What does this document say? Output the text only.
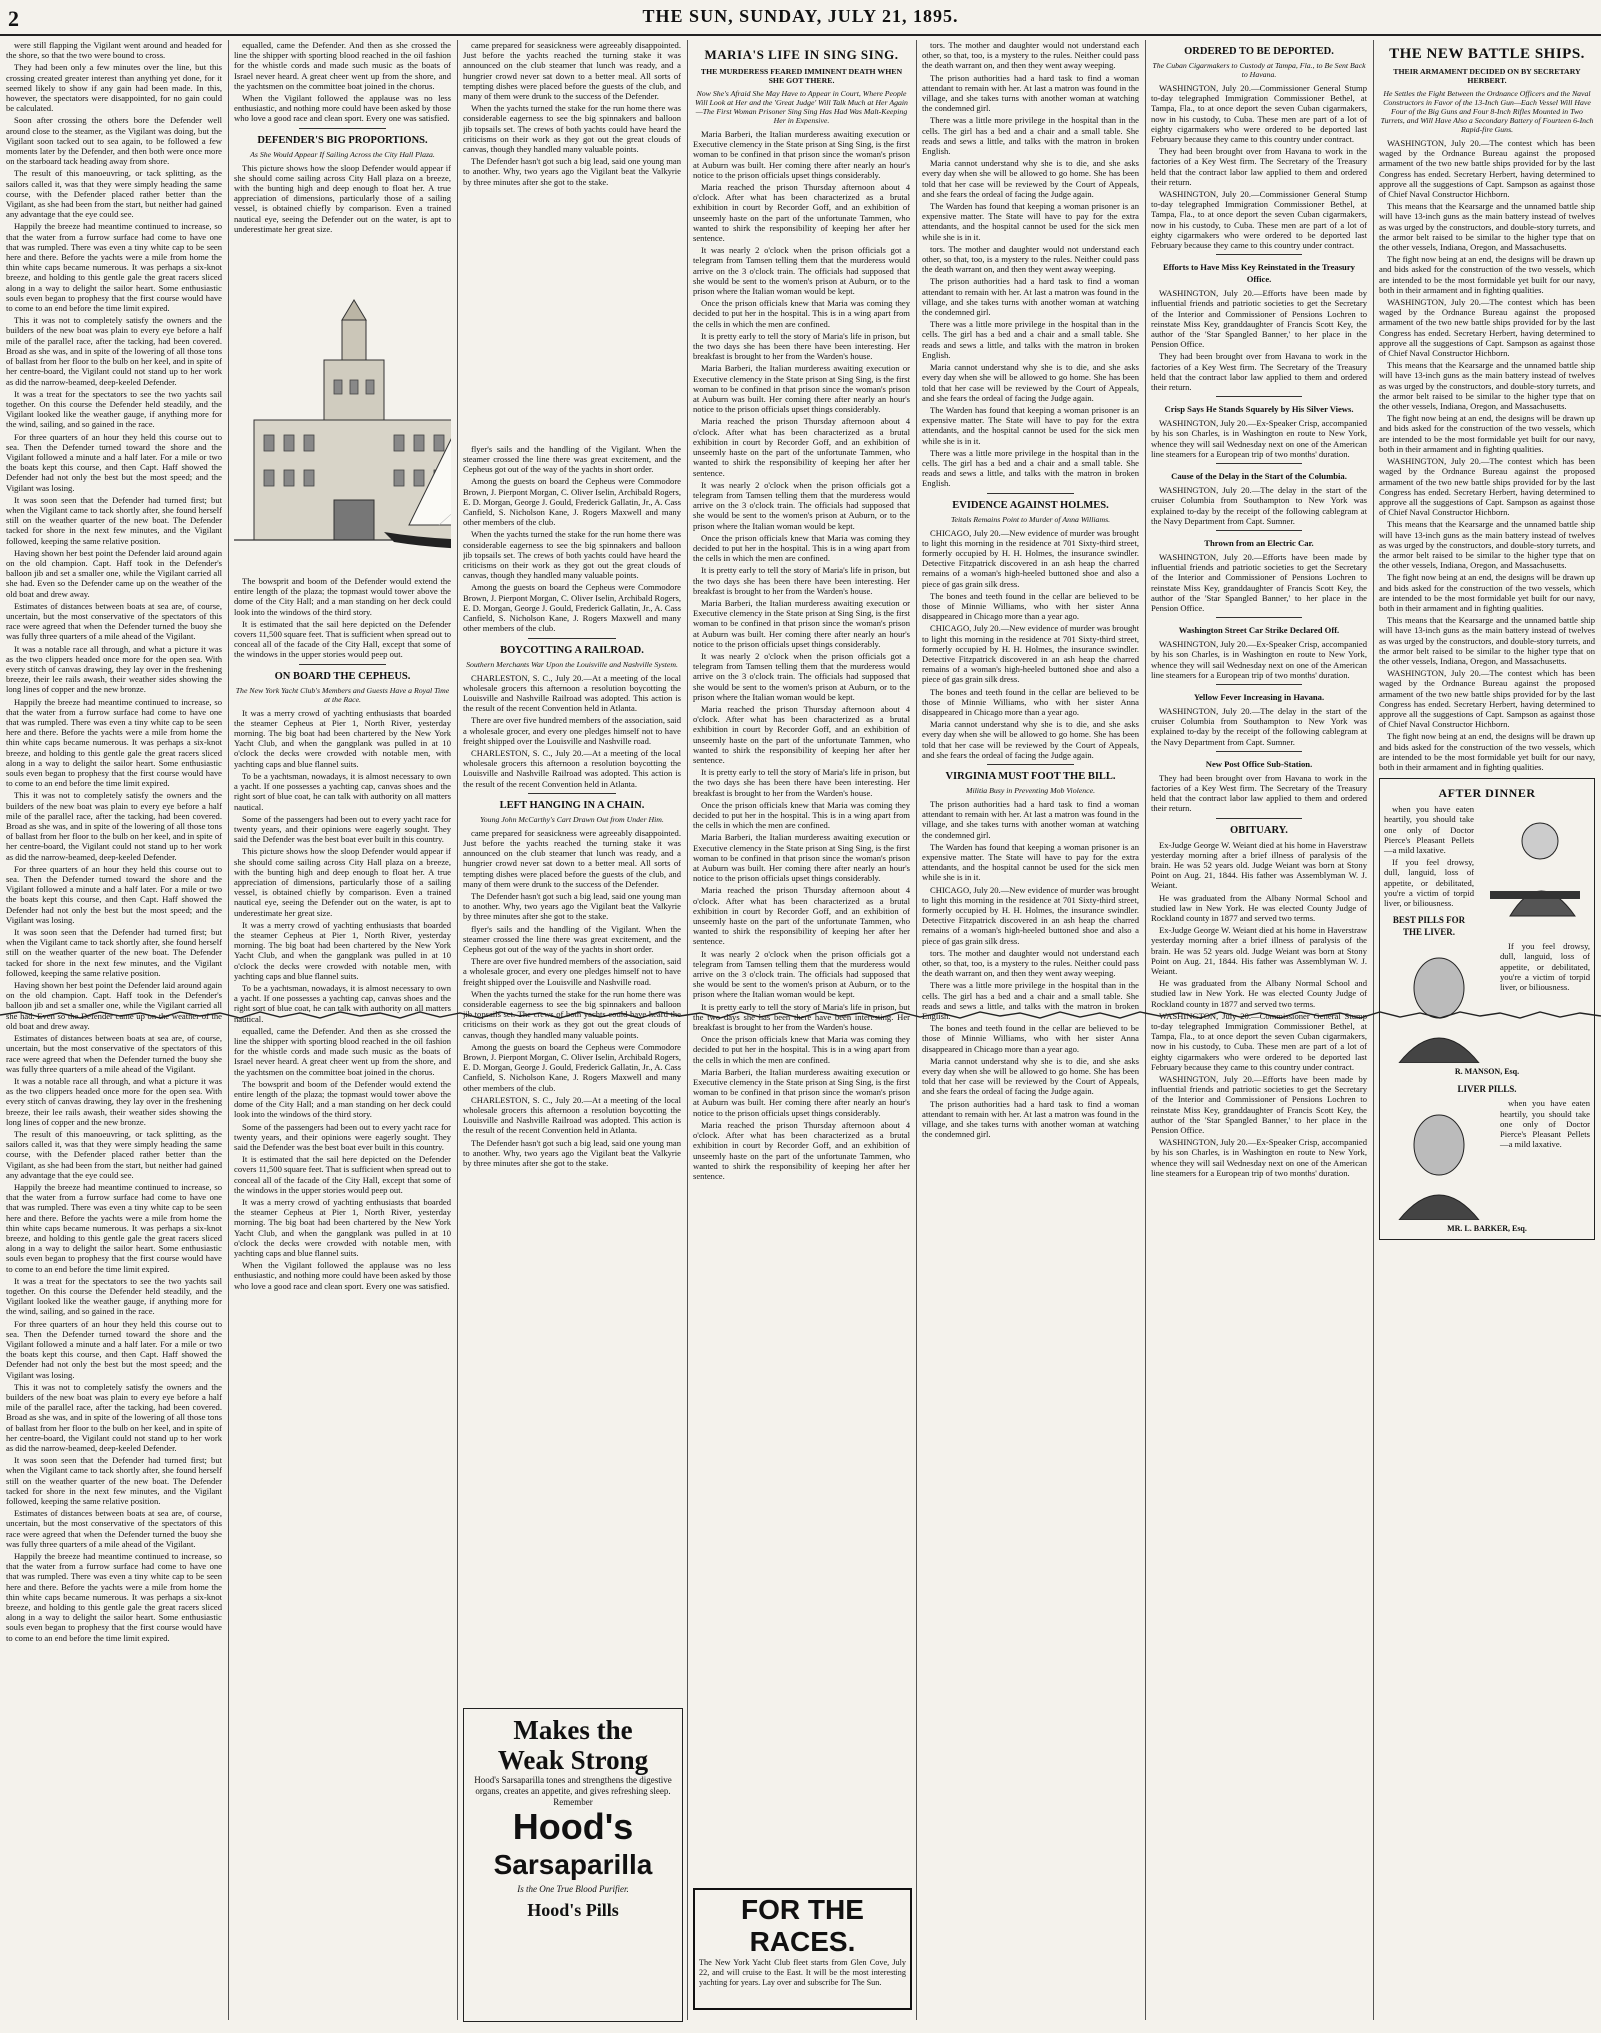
2	THE SUN, SUNDAY, JULY 21, 1895.

were still flapping the Vigilant went around and headed for the shore, so that the two were bound to cross.

They had been only a few minutes over the line, but this crossing created greater interest than anything yet done, for it seemed likely to show if any gain had been made. In this, however, the spectators were disappointed, for no gain could be calculated.

Soon after crossing the others bore the Defender well around close to the steamer, as the Vigilant was doing, but the Vigilant soon tacked out to sea again, to be followed a few moments later by the Defender, and then both were once more on the starboard tack heading away from shore.

The result of this manoeuvring, or tack splitting, as the sailors called it, was that they were simply heading the same course, with the Defender placed rather better than the Vigilant, as she had been from the start, but neither had gained any advantage that the eye could see.

Happily the breeze had meantime continued to increase, so that the water from a furrow surface had come to have one that was rumpled. There was even a tiny white cap to be seen here and there. Before the yachts were a mile from home the thin white caps became numerous. It was perhaps a six-knot breeze, and holding to this gentle gale the great racers sliced along in a way to delight the sailor heart. Some enthusiastic souls even began to prophesy that the first course would have to come to an end before the time limit expired.

This it was not to completely satisfy the owners and the builders of the new boat was plain to every eye before a half mile of the parallel race, after the tacking, had been covered. Broad as she was, and in spite of the lowering of all those tons of ballast from her floor to the bulb on her keel, and in spite of her centre-board, the Vigilant could not stand up to her work as did the narrow-beamed, deep-keeled Defender.

It was a treat for the spectators to see the two yachts sail together. On this course the Defender held steadily, and the Vigilant looked like the weather gauge, if anything more for the wind, sailing, and so gained in the race.

For three quarters of an hour they held this course out to sea. Then the Defender turned toward the shore and the Vigilant followed a minute and a half later. For a mile or two the boats kept this course, and then Capt. Haff showed the Defender had not only the best but the most speed; and the Vigilant was losing.

It was soon seen that the Defender had turned first; but when the Vigilant came to tack shortly after, she found herself still on the weather quarter of the new boat. The Defender tacked for shore in the next few minutes, and the Vigilant followed, keeping the same relative position.

Having shown her best point the Defender laid around again on the old champion. Capt. Haff took in the Defender's balloon jib and set a smaller one, while the Vigilant carried all she had. Even so the Defender came up on the weather of the old boat and drew away.

Estimates of distances between boats at sea are, of course, uncertain, but the most conservative of the spectators of this race were agreed that when the Defender turned the buoy she was fully three quarters of a mile ahead of the Vigilant.

It was a notable race all through, and what a picture it was as the two clippers headed once more for the open sea. With every stitch of canvas drawing, they lay over in the freshening breeze, their lee rails awash, their weather sides showing the long lines of copper and the new bronze.

Happily the breeze had meantime continued to increase, so that the water from a furrow surface had come to have one that was rumpled. There was even a tiny white cap to be seen here and there. Before the yachts were a mile from home the thin white caps became numerous. It was perhaps a six-knot breeze, and holding to this gentle gale the great racers sliced along in a way to delight the sailor heart. Some enthusiastic souls even began to prophesy that the first course would have to come to an end before the time limit expired.

This it was not to completely satisfy the owners and the builders of the new boat was plain to every eye before a half mile of the parallel race, after the tacking, had been covered. Broad as she was, and in spite of the lowering of all those tons of ballast from her floor to the bulb on her keel, and in spite of her centre-board, the Vigilant could not stand up to her work as did the narrow-beamed, deep-keeled Defender.

For three quarters of an hour they held this course out to sea. Then the Defender turned toward the shore and the Vigilant followed a minute and a half later. For a mile or two the boats kept this course, and then Capt. Haff showed the Defender had not only the best but the most speed; and the Vigilant was losing.

It was soon seen that the Defender had turned first; but when the Vigilant came to tack shortly after, she found herself still on the weather quarter of the new boat. The Defender tacked for shore in the next few minutes, and the Vigilant followed, keeping the same relative position.

Having shown her best point the Defender laid around again on the old champion. Capt. Haff took in the Defender's balloon jib and set a smaller one, while the Vigilant carried all she had. Even so the Defender came up on the weather of the old boat and drew away.

Estimates of distances between boats at sea are, of course, uncertain, but the most conservative of the spectators of this race were agreed that when the Defender turned the buoy she was fully three quarters of a mile ahead of the Vigilant.

It was a notable race all through, and what a picture it was as the two clippers headed once more for the open sea. With every stitch of canvas drawing, they lay over in the freshening breeze, their lee rails awash, their weather sides showing the long lines of copper and the new bronze.

The result of this manoeuvring, or tack splitting, as the sailors called it, was that they were simply heading the same course, with the Defender placed rather better than the Vigilant, as she had been from the start, but neither had gained any advantage that the eye could see.

Happily the breeze had meantime continued to increase, so that the water from a furrow surface had come to have one that was rumpled. There was even a tiny white cap to be seen here and there. Before the yachts were a mile from home the thin white caps became numerous. It was perhaps a six-knot breeze, and holding to this gentle gale the great racers sliced along in a way to delight the sailor heart. Some enthusiastic souls even began to prophesy that the first course would have to come to an end before the time limit expired.

It was a treat for the spectators to see the two yachts sail together. On this course the Defender held steadily, and the Vigilant looked like the weather gauge, if anything more for the wind, sailing, and so gained in the race.

For three quarters of an hour they held this course out to sea. Then the Defender turned toward the shore and the Vigilant followed a minute and a half later. For a mile or two the boats kept this course, and then Capt. Haff showed the Defender had not only the best but the most speed; and the Vigilant was losing.

This it was not to completely satisfy the owners and the builders of the new boat was plain to every eye before a half mile of the parallel race, after the tacking, had been covered. Broad as she was, and in spite of the lowering of all those tons of ballast from her floor to the bulb on her keel, and in spite of her centre-board, the Vigilant could not stand up to her work as did the narrow-beamed, deep-keeled Defender.

It was soon seen that the Defender had turned first; but when the Vigilant came to tack shortly after, she found herself still on the weather quarter of the new boat. The Defender tacked for shore in the next few minutes, and the Vigilant followed, keeping the same relative position.

Estimates of distances between boats at sea are, of course, uncertain, but the most conservative of the spectators of this race were agreed that when the Defender turned the buoy she was fully three quarters of a mile ahead of the Vigilant.

Happily the breeze had meantime continued to increase, so that the water from a furrow surface had come to have one that was rumpled. There was even a tiny white cap to be seen here and there. Before the yachts were a mile from home the thin white caps became numerous. It was perhaps a six-knot breeze, and holding to this gentle gale the great racers sliced along in a way to delight the sailor heart. Some enthusiastic souls even began to prophesy that the first course would have to come to an end before the time limit expired.

equalled, came the Defender. And then as she crossed the line the shipper with sporting blood reached in the oil fashion for the whistle cords and made such music as the boats of Israel never heard. A great cheer went up from the shore, and the yachtsmen on the committee boat joined in the chorus.

When the Vigilant followed the applause was no less enthusiastic, and nothing more could have been asked by those who love a good race and clean sport. Every one was satisfied.

DEFENDER'S BIG PROPORTIONS.
As She Would Appear If Sailing Across the City Hall Plaza.

This picture shows how the sloop Defender would appear if she should come sailing across City Hall plaza on a breeze, with the bunting high and deep enough to float her. A true appreciation of dimensions, particularly those of a sailing vessel, is obtained chiefly by comparison. Even a trained nautical eye, seeing the Defender out on the water, is apt to underestimate her great size.

The bowsprit and boom of the Defender would extend the entire length of the plaza; the topmast would tower above the dome of the City Hall; and a man standing on her deck could look into the windows of the third story.

It is estimated that the sail here depicted on the Defender covers 11,500 square feet. That is sufficient when spread out to conceal all of the facade of the City Hall, except that some of the windows in the upper stories would peep out.

ON BOARD THE CEPHEUS.
The New York Yacht Club's Members and Guests Have a Royal Time at the Race.

It was a merry crowd of yachting enthusiasts that boarded the steamer Cepheus at Pier 1, North River, yesterday morning. The big boat had been chartered by the New York Yacht Club, and when the gangplank was pulled in at 10 o'clock the decks were crowded with notable men, with yachting caps and blue flannel suits.

To be a yachtsman, nowadays, it is almost necessary to own a yacht. If one possesses a yachting cap, canvas shoes and the right sort of blue coat, he can talk with authority on all matters nautical.

Some of the passengers had been out to every yacht race for twenty years, and their opinions were eagerly sought. They said the Defender was the best boat ever built in this country.

This picture shows how the sloop Defender would appear if she should come sailing across City Hall plaza on a breeze, with the bunting high and deep enough to float her. A true appreciation of dimensions, particularly those of a sailing vessel, is obtained chiefly by comparison. Even a trained nautical eye, seeing the Defender out on the water, is apt to underestimate her great size.

It was a merry crowd of yachting enthusiasts that boarded the steamer Cepheus at Pier 1, North River, yesterday morning. The big boat had been chartered by the New York Yacht Club, and when the gangplank was pulled in at 10 o'clock the decks were crowded with notable men, with yachting caps and blue flannel suits.

To be a yachtsman, nowadays, it is almost necessary to own a yacht. If one possesses a yachting cap, canvas shoes and the right sort of blue coat, he can talk with authority on all matters nautical.

equalled, came the Defender. And then as she crossed the line the shipper with sporting blood reached in the oil fashion for the whistle cords and made such music as the boats of Israel never heard. A great cheer went up from the shore, and the yachtsmen on the committee boat joined in the chorus.

The bowsprit and boom of the Defender would extend the entire length of the plaza; the topmast would tower above the dome of the City Hall; and a man standing on her deck could look into the windows of the third story.

Some of the passengers had been out to every yacht race for twenty years, and their opinions were eagerly sought. They said the Defender was the best boat ever built in this country.

It is estimated that the sail here depicted on the Defender covers 11,500 square feet. That is sufficient when spread out to conceal all of the facade of the City Hall, except that some of the windows in the upper stories would peep out.

It was a merry crowd of yachting enthusiasts that boarded the steamer Cepheus at Pier 1, North River, yesterday morning. The big boat had been chartered by the New York Yacht Club, and when the gangplank was pulled in at 10 o'clock the decks were crowded with notable men, with yachting caps and blue flannel suits.

When the Vigilant followed the applause was no less enthusiastic, and nothing more could have been asked by those who love a good race and clean sport. Every one was satisfied.

came prepared for seasickness were agreeably disappointed. Just before the yachts reached the turning stake it was announced on the club steamer that lunch was ready, and a hungrier crowd never sat down to a better meal. All sorts of tempting dishes were placed before the guests of the club, and many of them were drunk to the success of the Defender.

When the yachts turned the stake for the run home there was considerable eagerness to see the big spinnakers and balloon jib topsails set. The crews of both yachts could have heard the criticisms on their work as they got out the great clouds of canvas, though they handled many valuable points.

The Defender hasn't got such a big lead, said one young man to another. Why, two years ago the Vigilant beat the Valkyrie by three minutes after she got to the stake.

flyer's sails and the handling of the Vigilant. When the steamer crossed the line there was great excitement, and the Cepheus got out of the way of the yachts in short order.

Among the guests on board the Cepheus were Commodore Brown, J. Pierpont Morgan, C. Oliver Iselin, Archibald Rogers, E. D. Morgan, George J. Gould, Frederick Gallatin, Jr., A. Cass Canfield, S. Nicholson Kane, J. Rogers Maxwell and many other members of the club.

When the yachts turned the stake for the run home there was considerable eagerness to see the big spinnakers and balloon jib topsails set. The crews of both yachts could have heard the criticisms on their work as they got out the great clouds of canvas, though they handled many valuable points.

Among the guests on board the Cepheus were Commodore Brown, J. Pierpont Morgan, C. Oliver Iselin, Archibald Rogers, E. D. Morgan, George J. Gould, Frederick Gallatin, Jr., A. Cass Canfield, S. Nicholson Kane, J. Rogers Maxwell and many other members of the club.

BOYCOTTING A RAILROAD.
Southern Merchants War Upon the Louisville and Nashville System.

CHARLESTON, S. C., July 20.—At a meeting of the local wholesale grocers this afternoon a resolution boycotting the Louisville and Nashville Railroad was adopted. This action is the result of the recent Convention held in Atlanta.

There are over five hundred members of the association, said a wholesale grocer, and every one pledges himself not to have freight shipped over the Louisville and Nashville road.

CHARLESTON, S. C., July 20.—At a meeting of the local wholesale grocers this afternoon a resolution boycotting the Louisville and Nashville Railroad was adopted. This action is the result of the recent Convention held in Atlanta.

LEFT HANGING IN A CHAIN.
Young John McCarthy's Cart Drawn Out from Under Him.

came prepared for seasickness were agreeably disappointed. Just before the yachts reached the turning stake it was announced on the club steamer that lunch was ready, and a hungrier crowd never sat down to a better meal. All sorts of tempting dishes were placed before the guests of the club, and many of them were drunk to the success of the Defender.

The Defender hasn't got such a big lead, said one young man to another. Why, two years ago the Vigilant beat the Valkyrie by three minutes after she got to the stake.

flyer's sails and the handling of the Vigilant. When the steamer crossed the line there was great excitement, and the Cepheus got out of the way of the yachts in short order.

There are over five hundred members of the association, said a wholesale grocer, and every one pledges himself not to have freight shipped over the Louisville and Nashville road.

When the yachts turned the stake for the run home there was considerable eagerness to see the big spinnakers and balloon jib topsails set. The crews of both yachts could have heard the criticisms on their work as they got out the great clouds of canvas, though they handled many valuable points.

Among the guests on board the Cepheus were Commodore Brown, J. Pierpont Morgan, C. Oliver Iselin, Archibald Rogers, E. D. Morgan, George J. Gould, Frederick Gallatin, Jr., A. Cass Canfield, S. Nicholson Kane, J. Rogers Maxwell and many other members of the club.

CHARLESTON, S. C., July 20.—At a meeting of the local wholesale grocers this afternoon a resolution boycotting the Louisville and Nashville Railroad was adopted. This action is the result of the recent Convention held in Atlanta.

The Defender hasn't got such a big lead, said one young man to another. Why, two years ago the Vigilant beat the Valkyrie by three minutes after she got to the stake.

MARIA'S LIFE IN SING SING.
THE MURDERESS FEARED IMMINENT DEATH WHEN SHE GOT THERE.
Now She's Afraid She May Have to Appear in Court, Where People Will Look at Her and the 'Great Judge' Will Talk Much at Her Again—The First Woman Prisoner Sing Sing Has Had Was Malt-Keeping Her in Expensive.

Maria Barberi, the Italian murderess awaiting execution or Executive clemency in the State prison at Sing Sing, is the first woman to be confined in that prison since the woman's prison at Auburn was built. Her coming there after nearly an hour's notice to the prison officials upset things considerably.

Maria reached the prison Thursday afternoon about 4 o'clock. After what has been characterized as a brutal exhibition in court by Recorder Goff, and an exhibition of unseemly haste on the part of the unfortunate Tammen, who wanted to shirk the responsibility of keeping her after her sentence.

It was nearly 2 o'clock when the prison officials got a telegram from Tamsen telling them that the murderess would arrive on the 3 o'clock train. The officials had supposed that she would be sent to the women's prison at Auburn, or to the prison where the Italian woman would be kept.

Once the prison officials knew that Maria was coming they decided to put her in the hospital. This is in a wing apart from the cells in which the men are confined.

It is pretty early to tell the story of Maria's life in prison, but the two days she has been there have been interesting. Her breakfast is brought to her from the Warden's house.

Maria Barberi, the Italian murderess awaiting execution or Executive clemency in the State prison at Sing Sing, is the first woman to be confined in that prison since the woman's prison at Auburn was built. Her coming there after nearly an hour's notice to the prison officials upset things considerably.

Maria reached the prison Thursday afternoon about 4 o'clock. After what has been characterized as a brutal exhibition in court by Recorder Goff, and an exhibition of unseemly haste on the part of the unfortunate Tammen, who wanted to shirk the responsibility of keeping her after her sentence.

It was nearly 2 o'clock when the prison officials got a telegram from Tamsen telling them that the murderess would arrive on the 3 o'clock train. The officials had supposed that she would be sent to the women's prison at Auburn, or to the prison where the Italian woman would be kept.

Once the prison officials knew that Maria was coming they decided to put her in the hospital. This is in a wing apart from the cells in which the men are confined.

It is pretty early to tell the story of Maria's life in prison, but the two days she has been there have been interesting. Her breakfast is brought to her from the Warden's house.

Maria Barberi, the Italian murderess awaiting execution or Executive clemency in the State prison at Sing Sing, is the first woman to be confined in that prison since the woman's prison at Auburn was built. Her coming there after nearly an hour's notice to the prison officials upset things considerably.

It was nearly 2 o'clock when the prison officials got a telegram from Tamsen telling them that the murderess would arrive on the 3 o'clock train. The officials had supposed that she would be sent to the women's prison at Auburn, or to the prison where the Italian woman would be kept.

Maria reached the prison Thursday afternoon about 4 o'clock. After what has been characterized as a brutal exhibition in court by Recorder Goff, and an exhibition of unseemly haste on the part of the unfortunate Tammen, who wanted to shirk the responsibility of keeping her after her sentence.

It is pretty early to tell the story of Maria's life in prison, but the two days she has been there have been interesting. Her breakfast is brought to her from the Warden's house.

Once the prison officials knew that Maria was coming they decided to put her in the hospital. This is in a wing apart from the cells in which the men are confined.

Maria Barberi, the Italian murderess awaiting execution or Executive clemency in the State prison at Sing Sing, is the first woman to be confined in that prison since the woman's prison at Auburn was built. Her coming there after nearly an hour's notice to the prison officials upset things considerably.

Maria reached the prison Thursday afternoon about 4 o'clock. After what has been characterized as a brutal exhibition in court by Recorder Goff, and an exhibition of unseemly haste on the part of the unfortunate Tammen, who wanted to shirk the responsibility of keeping her after her sentence.

It was nearly 2 o'clock when the prison officials got a telegram from Tamsen telling them that the murderess would arrive on the 3 o'clock train. The officials had supposed that she would be sent to the women's prison at Auburn, or to the prison where the Italian woman would be kept.

It is pretty early to tell the story of Maria's life in prison, but the two days she has been there have been interesting. Her breakfast is brought to her from the Warden's house.

Once the prison officials knew that Maria was coming they decided to put her in the hospital. This is in a wing apart from the cells in which the men are confined.

Maria Barberi, the Italian murderess awaiting execution or Executive clemency in the State prison at Sing Sing, is the first woman to be confined in that prison since the woman's prison at Auburn was built. Her coming there after nearly an hour's notice to the prison officials upset things considerably.

Maria reached the prison Thursday afternoon about 4 o'clock. After what has been characterized as a brutal exhibition in court by Recorder Goff, and an exhibition of unseemly haste on the part of the unfortunate Tammen, who wanted to shirk the responsibility of keeping her after her sentence.

tors. The mother and daughter would not understand each other, so that, too, is a mystery to the rules. Neither could pass the death warrant on, and then they went away weeping.

The prison authorities had a hard task to find a woman attendant to remain with her. At last a matron was found in the village, and she takes turns with another woman at watching the condemned girl.

There was a little more privilege in the hospital than in the cells. The girl has a bed and a chair and a small table. She reads and sews a little, and talks with the matron in broken English.

Maria cannot understand why she is to die, and she asks every day when she will be allowed to go home. She has been told that her case will be reviewed by the Court of Appeals, and she fears the ordeal of facing the Judge again.

The Warden has found that keeping a woman prisoner is an expensive matter. The State will have to pay for the extra attendants, and the hospital cannot be used for the sick men while she is in it.

tors. The mother and daughter would not understand each other, so that, too, is a mystery to the rules. Neither could pass the death warrant on, and then they went away weeping.

The prison authorities had a hard task to find a woman attendant to remain with her. At last a matron was found in the village, and she takes turns with another woman at watching the condemned girl.

There was a little more privilege in the hospital than in the cells. The girl has a bed and a chair and a small table. She reads and sews a little, and talks with the matron in broken English.

Maria cannot understand why she is to die, and she asks every day when she will be allowed to go home. She has been told that her case will be reviewed by the Court of Appeals, and she fears the ordeal of facing the Judge again.

The Warden has found that keeping a woman prisoner is an expensive matter. The State will have to pay for the extra attendants, and the hospital cannot be used for the sick men while she is in it.

There was a little more privilege in the hospital than in the cells. The girl has a bed and a chair and a small table. She reads and sews a little, and talks with the matron in broken English.

EVIDENCE AGAINST HOLMES.
Teitals Remains Point to Murder of Anna Williams.

CHICAGO, July 20.—New evidence of murder was brought to light this morning in the residence at 701 Sixty-third street, formerly occupied by H. H. Holmes, the insurance swindler. Detective Fitzpatrick discovered in an ash heap the charred remains of a woman's high-heeled buttoned shoe and also a piece of gas grain silk dress.

The bones and teeth found in the cellar are believed to be those of Minnie Williams, who with her sister Anna disappeared in Chicago more than a year ago.

CHICAGO, July 20.—New evidence of murder was brought to light this morning in the residence at 701 Sixty-third street, formerly occupied by H. H. Holmes, the insurance swindler. Detective Fitzpatrick discovered in an ash heap the charred remains of a woman's high-heeled buttoned shoe and also a piece of gas grain silk dress.

The bones and teeth found in the cellar are believed to be those of Minnie Williams, who with her sister Anna disappeared in Chicago more than a year ago.

Maria cannot understand why she is to die, and she asks every day when she will be allowed to go home. She has been told that her case will be reviewed by the Court of Appeals, and she fears the ordeal of facing the Judge again.

VIRGINIA MUST FOOT THE BILL.
Militia Busy in Preventing Mob Violence.

The prison authorities had a hard task to find a woman attendant to remain with her. At last a matron was found in the village, and she takes turns with another woman at watching the condemned girl.

The Warden has found that keeping a woman prisoner is an expensive matter. The State will have to pay for the extra attendants, and the hospital cannot be used for the sick men while she is in it.

CHICAGO, July 20.—New evidence of murder was brought to light this morning in the residence at 701 Sixty-third street, formerly occupied by H. H. Holmes, the insurance swindler. Detective Fitzpatrick discovered in an ash heap the charred remains of a woman's high-heeled buttoned shoe and also a piece of gas grain silk dress.

tors. The mother and daughter would not understand each other, so that, too, is a mystery to the rules. Neither could pass the death warrant on, and then they went away weeping.

There was a little more privilege in the hospital than in the cells. The girl has a bed and a chair and a small table. She reads and sews a little, and talks with the matron in broken English.

The bones and teeth found in the cellar are believed to be those of Minnie Williams, who with her sister Anna disappeared in Chicago more than a year ago.

Maria cannot understand why she is to die, and she asks every day when she will be allowed to go home. She has been told that her case will be reviewed by the Court of Appeals, and she fears the ordeal of facing the Judge again.

The prison authorities had a hard task to find a woman attendant to remain with her. At last a matron was found in the village, and she takes turns with another woman at watching the condemned girl.

ORDERED TO BE DEPORTED.
The Cuban Cigarmakers to Custody at Tampa, Fla., to Be Sent Back to Havana.

WASHINGTON, July 20.—Commissioner General Stump to-day telegraphed Immigration Commissioner Bethel, at Tampa, Fla., to at once deport the seven Cuban cigarmakers, now in his custody, to Cuba. These men are part of a lot of eighty cigarmakers who were ordered to be deported last February because they came to this country under contract.

They had been brought over from Havana to work in the factories of a Key West firm. The Secretary of the Treasury held that the contract labor law applied to them and ordered their return.

WASHINGTON, July 20.—Commissioner General Stump to-day telegraphed Immigration Commissioner Bethel, at Tampa, Fla., to at once deport the seven Cuban cigarmakers, now in his custody, to Cuba. These men are part of a lot of eighty cigarmakers who were ordered to be deported last February because they came to this country under contract.

Efforts to Have Miss Key Reinstated in the Treasury Office.

WASHINGTON, July 20.—Efforts have been made by influential friends and patriotic societies to get the Secretary of the Interior and Commissioner of Pensions Lochren to reinstate Miss Key, granddaughter of Francis Scott Key, the author of the 'Star Spangled Banner,' to her place in the Pension Office.

They had been brought over from Havana to work in the factories of a Key West firm. The Secretary of the Treasury held that the contract labor law applied to them and ordered their return.

Crisp Says He Stands Squarely by His Silver Views.

WASHINGTON, July 20.—Ex-Speaker Crisp, accompanied by his son Charles, is in Washington en route to New York, whence they will sail Wednesday next on one of the American line steamers for a European trip of two months' duration.

Cause of the Delay in the Start of the Columbia.

WASHINGTON, July 20.—The delay in the start of the cruiser Columbia from Southampton to New York was explained to-day by the receipt of the following cablegram at the Navy Department from Capt. Sumner.

Thrown from an Electric Car.

WASHINGTON, July 20.—Efforts have been made by influential friends and patriotic societies to get the Secretary of the Interior and Commissioner of Pensions Lochren to reinstate Miss Key, granddaughter of Francis Scott Key, the author of the 'Star Spangled Banner,' to her place in the Pension Office.

Washington Street Car Strike Declared Off.

WASHINGTON, July 20.—Ex-Speaker Crisp, accompanied by his son Charles, is in Washington en route to New York, whence they will sail Wednesday next on one of the American line steamers for a European trip of two months' duration.

Yellow Fever Increasing in Havana.

WASHINGTON, July 20.—The delay in the start of the cruiser Columbia from Southampton to New York was explained to-day by the receipt of the following cablegram at the Navy Department from Capt. Sumner.

New Post Office Sub-Station.

They had been brought over from Havana to work in the factories of a Key West firm. The Secretary of the Treasury held that the contract labor law applied to them and ordered their return.

OBITUARY.

Ex-Judge George W. Weiant died at his home in Haverstraw yesterday morning after a brief illness of paralysis of the brain. He was 52 years old. Judge Weiant was born at Stony Point on Aug. 21, 1844. His father was Assemblyman W. J. Weiant.

He was graduated from the Albany Normal School and studied law in New York. He was elected County Judge of Rockland county in 1877 and served two terms.

Ex-Judge George W. Weiant died at his home in Haverstraw yesterday morning after a brief illness of paralysis of the brain. He was 52 years old. Judge Weiant was born at Stony Point on Aug. 21, 1844. His father was Assemblyman W. J. Weiant.

He was graduated from the Albany Normal School and studied law in New York. He was elected County Judge of Rockland county in 1877 and served two terms.

WASHINGTON, July 20.—Commissioner General Stump to-day telegraphed Immigration Commissioner Bethel, at Tampa, Fla., to at once deport the seven Cuban cigarmakers, now in his custody, to Cuba. These men are part of a lot of eighty cigarmakers who were ordered to be deported last February because they came to this country under contract.

WASHINGTON, July 20.—Efforts have been made by influential friends and patriotic societies to get the Secretary of the Interior and Commissioner of Pensions Lochren to reinstate Miss Key, granddaughter of Francis Scott Key, the author of the 'Star Spangled Banner,' to her place in the Pension Office.

WASHINGTON, July 20.—Ex-Speaker Crisp, accompanied by his son Charles, is in Washington en route to New York, whence they will sail Wednesday next on one of the American line steamers for a European trip of two months' duration.

THE NEW BATTLE SHIPS.
THEIR ARMAMENT DECIDED ON BY SECRETARY HERBERT.
He Settles the Fight Between the Ordnance Officers and the Naval Constructors in Favor of the 13-Inch Gun—Each Vessel Will Have Four of the Big Guns and Four 8-Inch Rifles Mounted in Two Turrets, and Will Have Also a Secondary Battery of Fourteen 6-Inch Rapid-fire Guns.

WASHINGTON, July 20.—The contest which has been waged by the Ordnance Bureau against the proposed armament of the two new battle ships provided for by the last Congress has ended. Secretary Herbert, having determined to approve all the suggestions of Capt. Sampson as against those of Chief Naval Constructor Hichborn.

This means that the Kearsarge and the unnamed battle ship will have 13-inch guns as the main battery instead of twelves as was urged by the constructors, and double-story turrets, and the armor belt raised to be similar to the higher type that on the other vessels, Indiana, Oregon, and Massachusetts.

The fight now being at an end, the designs will be drawn up and bids asked for the construction of the two vessels, which are intended to be the most formidable yet built for our navy, both in their armament and in fighting qualities.

WASHINGTON, July 20.—The contest which has been waged by the Ordnance Bureau against the proposed armament of the two new battle ships provided for by the last Congress has ended. Secretary Herbert, having determined to approve all the suggestions of Capt. Sampson as against those of Chief Naval Constructor Hichborn.

This means that the Kearsarge and the unnamed battle ship will have 13-inch guns as the main battery instead of twelves as was urged by the constructors, and double-story turrets, and the armor belt raised to be similar to the higher type that on the other vessels, Indiana, Oregon, and Massachusetts.

The fight now being at an end, the designs will be drawn up and bids asked for the construction of the two vessels, which are intended to be the most formidable yet built for our navy, both in their armament and in fighting qualities.

WASHINGTON, July 20.—The contest which has been waged by the Ordnance Bureau against the proposed armament of the two new battle ships provided for by the last Congress has ended. Secretary Herbert, having determined to approve all the suggestions of Capt. Sampson as against those of Chief Naval Constructor Hichborn.

This means that the Kearsarge and the unnamed battle ship will have 13-inch guns as the main battery instead of twelves as was urged by the constructors, and double-story turrets, and the armor belt raised to be similar to the higher type that on the other vessels, Indiana, Oregon, and Massachusetts.

The fight now being at an end, the designs will be drawn up and bids asked for the construction of the two vessels, which are intended to be the most formidable yet built for our navy, both in their armament and in fighting qualities.

This means that the Kearsarge and the unnamed battle ship will have 13-inch guns as the main battery instead of twelves as was urged by the constructors, and double-story turrets, and the armor belt raised to be similar to the higher type that on the other vessels, Indiana, Oregon, and Massachusetts.

WASHINGTON, July 20.—The contest which has been waged by the Ordnance Bureau against the proposed armament of the two new battle ships provided for by the last Congress has ended. Secretary Herbert, having determined to approve all the suggestions of Capt. Sampson as against those of Chief Naval Constructor Hichborn.

The fight now being at an end, the designs will be drawn up and bids asked for the construction of the two vessels, which are intended to be the most formidable yet built for our navy, both in their armament and in fighting qualities.

AFTER DINNER

when you have eaten heartily, you should take one only of Doctor Pierce's Pleasant Pellets—a mild laxative.

If you feel drowsy, dull, languid, loss of appetite, or debilitated, you're a victim of torpid liver, or biliousness.

BEST PILLS FOR THE LIVER.

If you feel drowsy, dull, languid, loss of appetite, or debilitated, you're a victim of torpid liver, or biliousness.

R. MANSON, Esq.
LIVER PILLS.

when you have eaten heartily, you should take one only of Doctor Pierce's Pleasant Pellets—a mild laxative.

MR. L. BARKER, Esq.
Makes the
Weak Strong
Hood's Sarsaparilla tones and strengthens the digestive organs, creates an appetite, and gives refreshing sleep. Remember
Hood's
Sarsaparilla
Is the One True Blood Purifier.
Hood's Pills	FOR THE RACES.
The New York Yacht Club fleet starts from Glen Cove, July 22, and will cruise to the East. It will be the most interesting yachting for years. Lay over and subscribe for The Sun.
